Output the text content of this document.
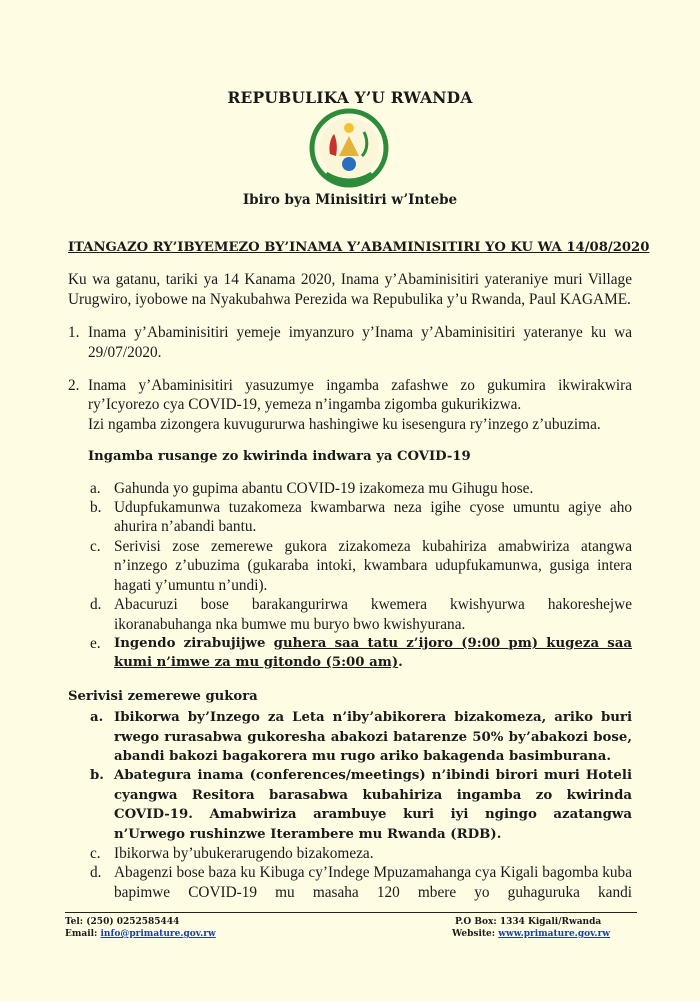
REPUBULIKA Y’U RWANDA
Ibiro bya Minisitiri w’Intebe
ITANGAZO RY’IBYEMEZO BY’INAMA Y’ABAMINISITIRI YO KU WA 14/08/2020

Ku wa gatanu, tariki ya 14 Kanama 2020, Inama y’Abaminisitiri yateraniye muri Village Urugwiro, iyobowe na Nyakubahwa Perezida wa Repubulika y’u Rwanda, Paul KAGAME.

1. Inama y’Abaminisitiri yemeje imyanzuro y’Inama y’Abaminisitiri yateranye ku wa 29/07/2020.
2. Inama y’Abaminisitiri yasuzumye ingamba zafashwe zo gukumira ikwirakwira ry’Icyorezo cya COVID-19, yemeza n’ingamba zigomba gukurikizwa.
Izi ngamba zizongera kuvugururwa hashingiwe ku isesengura ry’inzego z’ubuzima.
Ingamba rusange zo kwirinda indwara ya COVID-19
a. Gahunda yo gupima abantu COVID-19 izakomeza mu Gihugu hose.
b. Udupfukamunwa tuzakomeza kwambarwa neza igihe cyose umuntu agiye aho ahurira n’abandi bantu.
c. Serivisi zose zemerewe gukora zizakomeza kubahiriza amabwiriza atangwa n’inzego z’ubuzima (gukaraba intoki, kwambara udupfukamunwa, gusiga intera hagati y’umuntu n’undi).
d. Abacuruzi bose barakangurirwa kwemera kwishyurwa hakoreshejwe ikoranabuhanga nka bumwe mu buryo bwo kwishyurana.
e.	Ingendo zirabujijwe guhera saa tatu z’ijoro (9:00 pm) kugeza saa kumi n’imwe za mu gitondo (5:00 am).
Serivisi zemerewe gukora
a. Ibikorwa by’Inzego za Leta n’iby’abikorera bizakomeza, ariko buri rwego rurasabwa gukoresha abakozi batarenze 50% by’abakozi bose, abandi bakozi bagakorera mu rugo ariko bakagenda basimburana.
b. Abategura inama (conferences/meetings) n’ibindi birori muri Hoteli cyangwa Resitora barasabwa kubahiriza ingamba zo kwirinda COVID-19. Amabwiriza arambuye kuri iyi ngingo azatangwa n’Urwego rushinzwe Iterambere mu Rwanda (RDB).
c. Ibikorwa by’ubukerarugendo bizakomeza.
d. Abagenzi bose baza ku Kibuga cy’Indege Mpuzamahanga cya Kigali bagomba kuba bapimwe COVID-19 mu masaha 120 mbere yo guhaguruka kandi
Tel: (250) 0252585444
Email: info@primature.gov.rw
P.O Box: 1334 Kigali/Rwanda
Website: www.primature.gov.rw
